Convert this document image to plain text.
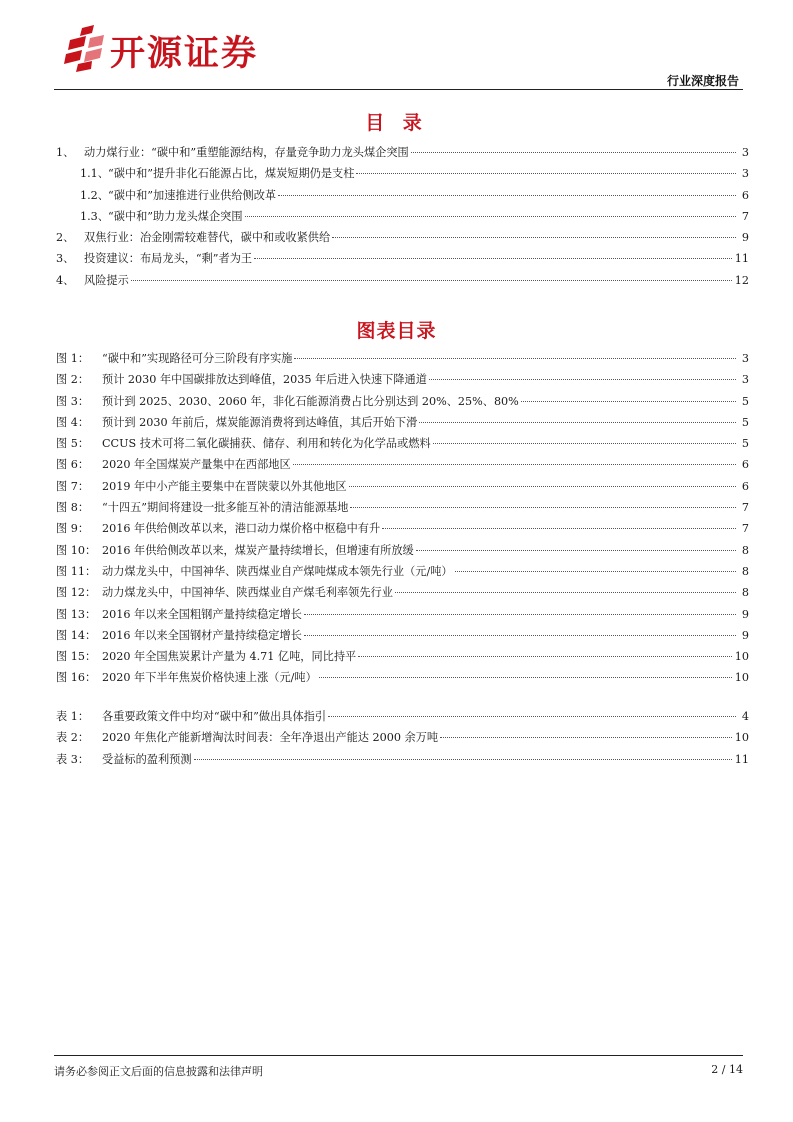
开源证券
行业深度报告
目 录
1、 动力煤行业：“碳中和”重塑能源结构，存量竞争助力龙头煤企突围	3
1.1、 “碳中和”提升非化石能源占比，煤炭短期仍是支柱	3
1.2、 “碳中和”加速推进行业供给侧改革	6
1.3、 “碳中和”助力龙头煤企突围	7
2、 双焦行业：冶金刚需较难替代，碳中和或收紧供给	9
3、 投资建议：布局龙头，“剩”者为王	11
4、 风险提示	12
图表目录
图 1：	“碳中和”实现路径可分三阶段有序实施	3
图 2：	预计 2030 年中国碳排放达到峰值，2035 年后进入快速下降通道	3
图 3：	预计到 2025、2030、2060 年，非化石能源消费占比分别达到 20%、25%、80%	5
图 4：	预计到 2030 年前后，煤炭能源消费将到达峰值，其后开始下滑	5
图 5：	CCUS 技术可将二氧化碳捕获、储存、利用和转化为化学品或燃料	5
图 6：	2020 年全国煤炭产量集中在西部地区	6
图 7：	2019 年中小产能主要集中在晋陕蒙以外其他地区	6
图 8：	“十四五”期间将建设一批多能互补的清洁能源基地	7
图 9：	2016 年供给侧改革以来，港口动力煤价格中枢稳中有升	7
图 10： 2016 年供给侧改革以来，煤炭产量持续增长，但增速有所放缓	8
图 11： 动力煤龙头中，中国神华、陕西煤业自产煤吨煤成本领先行业（元/吨）	8
图 12： 动力煤龙头中，中国神华、陕西煤业自产煤毛利率领先行业	8
图 13： 2016 年以来全国粗钢产量持续稳定增长	9
图 14： 2016 年以来全国钢材产量持续稳定增长	9
图 15： 2020 年全国焦炭累计产量为 4.71 亿吨，同比持平	10
图 16： 2020 年下半年焦炭价格快速上涨（元/吨）	10
表 1：	各重要政策文件中均对“碳中和”做出具体指引	4
表 2：	2020 年焦化产能新增淘汰时间表：全年净退出产能达 2000 余万吨	10
表 3：	受益标的盈利预测	11
请务必参阅正文后面的信息披露和法律声明	2 / 14
